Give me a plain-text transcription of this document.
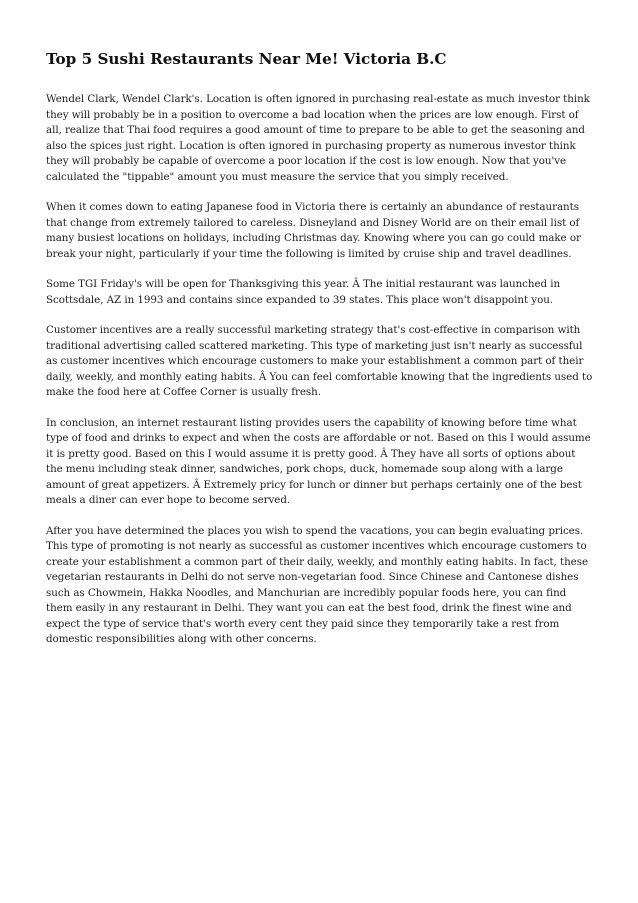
Top 5 Sushi Restaurants Near Me! Victoria B.C

Wendel Clark, Wendel Clark's. Location is often ignored in purchasing real-estate as much investor think they will probably be in a position to overcome a bad location when the prices are low enough. First of all, realize that Thai food requires a good amount of time to prepare to be able to get the seasoning and also the spices just right. Location is often ignored in purchasing property as numerous investor think they will probably be capable of overcome a poor location if the cost is low enough. Now that you've calculated the "tippable" amount you must measure the service that you simply received.

When it comes down to eating Japanese food in Victoria there is certainly an abundance of restaurants that change from extremely tailored to careless. Disneyland and Disney World are on their email list of many busiest locations on holidays, including Christmas day. Knowing where you can go could make or break your night, particularly if your time the following is limited by cruise ship and travel deadlines.

Some TGI Friday's will be open for Thanksgiving this year. Â The initial restaurant was launched in Scottsdale, AZ in 1993 and contains since expanded to 39 states. This place won't disappoint you.

Customer incentives are a really successful marketing strategy that's cost-effective in comparison with traditional advertising called scattered marketing. This type of marketing just isn't nearly as successful as customer incentives which encourage customers to make your establishment a common part of their daily, weekly, and monthly eating habits. Â You can feel comfortable knowing that the ingredients used to make the food here at Coffee Corner is usually fresh.

In conclusion, an internet restaurant listing provides users the capability of knowing before time what type of food and drinks to expect and when the costs are affordable or not. Based on this I would assume it is pretty good. Based on this I would assume it is pretty good. Â They have all sorts of options about the menu including steak dinner, sandwiches, pork chops, duck, homemade soup along with a large amount of great appetizers. Â Extremely pricy for lunch or dinner but perhaps certainly one of the best meals a diner can ever hope to become served.

After you have determined the places you wish to spend the vacations, you can begin evaluating prices. This type of promoting is not nearly as successful as customer incentives which encourage customers to create your establishment a common part of their daily, weekly, and monthly eating habits. In fact, these vegetarian restaurants in Delhi do not serve non-vegetarian food. Since Chinese and Cantonese dishes such as Chowmein, Hakka Noodles, and Manchurian are incredibly popular foods here, you can find them easily in any restaurant in Delhi. They want you can eat the best food, drink the finest wine and expect the type of service that's worth every cent they paid since they temporarily take a rest from domestic responsibilities along with other concerns.
